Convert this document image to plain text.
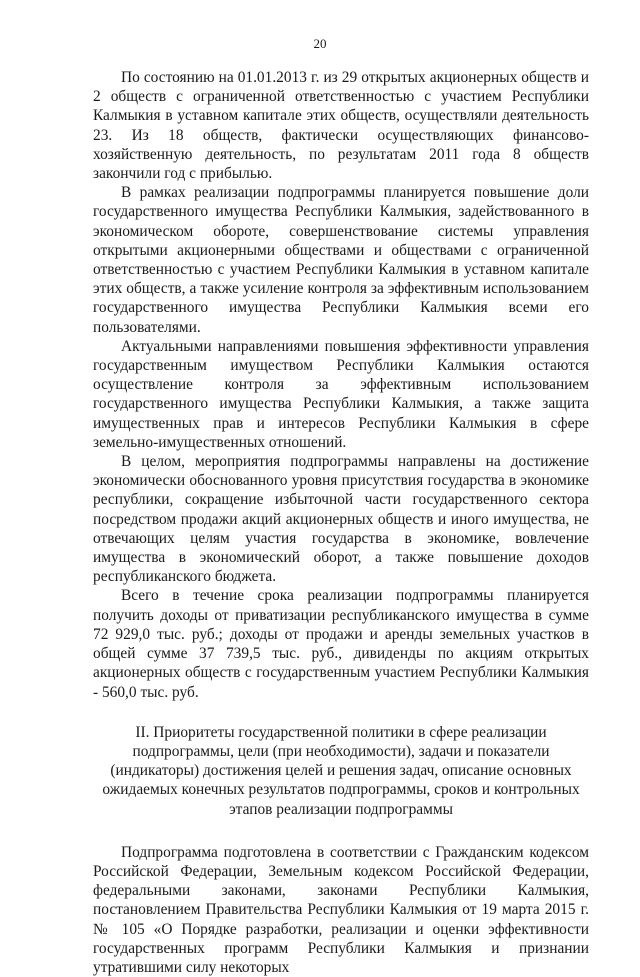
20

По состоянию на 01.01.2013 г. из 29 открытых акционерных обществ и 2 обществ с ограниченной ответственностью с участием Республики Калмыкия в уставном капитале этих обществ, осуществляли деятельность 23. Из 18 обществ, фактически осуществляющих финансово-хозяйственную деятельность, по результатам 2011 года 8 обществ закончили год с прибылью.

В рамках реализации подпрограммы планируется повышение доли государственного имущества Республики Калмыкия, задействованного в экономическом обороте, совершенствование системы управления открытыми акционерными обществами и обществами с ограниченной ответственностью с участием Республики Калмыкия в уставном капитале этих обществ, а также усиление контроля за эффективным использованием государственного имущества Республики Калмыкия всеми его пользователями.

Актуальными направлениями повышения эффективности управления государственным имуществом Республики Калмыкия остаются осуществление контроля за эффективным использованием государственного имущества Республики Калмыкия, а также защита имущественных прав и интересов Республики Калмыкия в сфере земельно-имущественных отношений.

В целом, мероприятия подпрограммы направлены на достижение экономически обоснованного уровня присутствия государства в экономике республики, сокращение избыточной части государственного сектора посредством продажи акций акционерных обществ и иного имущества, не отвечающих целям участия государства в экономике, вовлечение имущества в экономический оборот, а также повышение доходов республиканского бюджета.

Всего в течение срока реализации подпрограммы планируется получить доходы от приватизации республиканского имущества в сумме 72 929,0 тыс. руб.; доходы от продажи и аренды земельных участков в общей сумме 37 739,5 тыс. руб., дивиденды по акциям открытых акционерных обществ с государственным участием Республики Калмыкия - 560,0 тыс. руб.

II. Приоритеты государственной политики в сфере реализации подпрограммы, цели (при необходимости), задачи и показатели (индикаторы) достижения целей и решения задач, описание основных ожидаемых конечных результатов подпрограммы, сроков и контрольных этапов реализации подпрограммы

Подпрограмма подготовлена в соответствии с Гражданским кодексом Российской Федерации, Земельным кодексом Российской Федерации, федеральными законами, законами Республики Калмыкия, постановлением Правительства Республики Калмыкия от 19 марта 2015 г. № 105 «О Порядке разработки, реализации и оценки эффективности государственных программ Республики Калмыкия и признании утратившими силу некоторых
